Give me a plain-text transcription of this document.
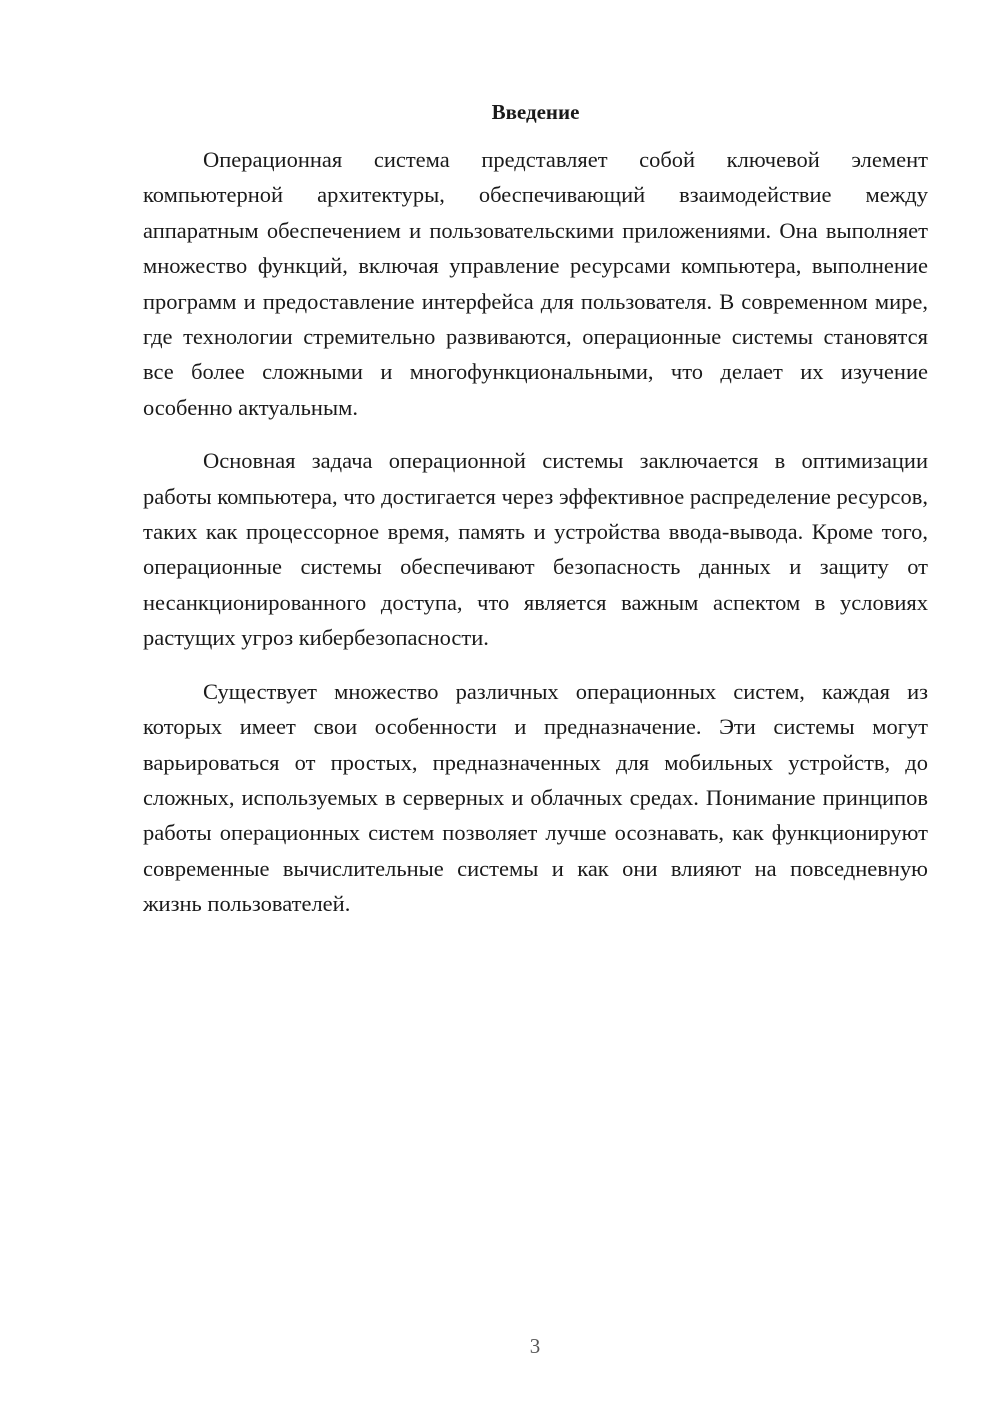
Введение

Операционная система представляет собой ключевой элемент компьютерной архитектуры, обеспечивающий взаимодействие между аппаратным обеспечением и пользовательскими приложениями. Она выполняет множество функций, включая управление ресурсами компьютера, выполнение программ и предоставление интерфейса для пользователя. В современном мире, где технологии стремительно развиваются, операционные системы становятся все более сложными и многофункциональными, что делает их изучение особенно актуальным.

Основная задача операционной системы заключается в оптимизации работы компьютера, что достигается через эффективное распределение ресурсов, таких как процессорное время, память и устройства ввода-вывода. Кроме того, операционные системы обеспечивают безопасность данных и защиту от несанкционированного доступа, что является важным аспектом в условиях растущих угроз кибербезопасности.

Существует множество различных операционных систем, каждая из которых имеет свои особенности и предназначение. Эти системы могут варьироваться от простых, предназначенных для мобильных устройств, до сложных, используемых в серверных и облачных средах. Понимание принципов работы операционных систем позволяет лучше осознавать, как функционируют современные вычислительные системы и как они влияют на повседневную жизнь пользователей.

3
